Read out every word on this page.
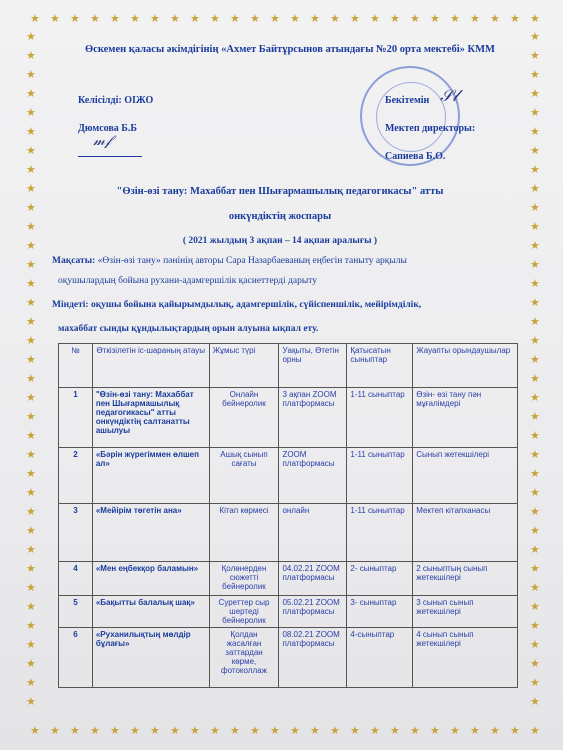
★
★
★
★
★
★
★
★
★
★
★
★
★
★
★
★
★
★
★
★
★
★
★
★
★
★
★
★
★
★
★
★
★
★
★
★
★
★
★
★
★
★
★
★
★
★
★
★
★
★
★
★
★	★
★	★
★	★
★	★
★	★
★	★
★	★
★	★
★	★
★	★
★	★
★	★
★	★
★	★
★	★
★	★
★	★
★	★
★	★
★	★
★	★
★	★
★	★
★	★
★	★
★	★
★	★
★	★
★	★
★	★
★	★
★	★
★	★
★	★
★	★
★	★
Өскемен қаласы әкімдігінің «Ахмет Байтұрсынов атындағы №20 орта мектебі» КММ
Келісілді: ОІЖО
Дюмсова Б.Б
𝓂𝒻
𝒮𝓁
Бекітемін
Мектеп директоры:
Сапиева Б.О.
"Өзін-өзі тану: Махаббат пен Шығармашылық педагогикасы" атты
онкүндіктің жоспары
( 2021 жылдың 3 ақпан – 14 ақпан аралығы )
Мақсаты: «Өзін-өзі тану» пәнінің авторы Сара Назарбаеваның еңбегін таныту арқылы
оқушылардың бойына рухани-адамгершілік қасиеттерді дарыту
Міндеті: оқушы бойына қайырымдылық, адамгершілік, сүйіспеншілік, мейірімділік,
махаббат сынды құндылықтардың орын алуына ықпал ету.
№	Өткізілетін іс-шараның атауы	Жұмыс түрі	Уақыты, Өтетін орны	Қатысатын сыныптар	Жауапты орындаушылар
1	"Өзін-өзі тану: Махаббат пен Шығармашылық педагогикасы" атты онкүндіктің салтанатты ашылуы	Онлайн бейнеролик	3 ақпан ZOOM платформасы	1-11 сыныптар	Өзін- өзі тану пән мұғалімдері
2	«Бәрін жүрегіммен өлшеп ал»	Ашық сынып сағаты	ZOOM платформасы	1-11 сыныптар	Сынып жетекшілері
3	«Мейірім төгетін ана»	Кітап көрмесі	онлайн	1-11 сыныптар	Мектеп кітапханасы
4	«Мен еңбекқор баламын»	Қолөнерден сюжетті бейнеролик	04.02.21 ZOOM платформасы	2- сыныптар	2 сыныптың сынып жетекшілері
5	«Бақытты балалық шақ»	Суреттер сыр шертеді бейнеролик	05.02.21 ZOOM платформасы	3- сыныптар	3 сынып сынып жетекшілері
6	«Руханилықтың мөлдір бұлағы»	Қолдан жасалған заттардан көрме, фотоколлаж	08.02.21 ZOOM платформасы	4-сыныптар	4 сынып сынып жетекшілері
